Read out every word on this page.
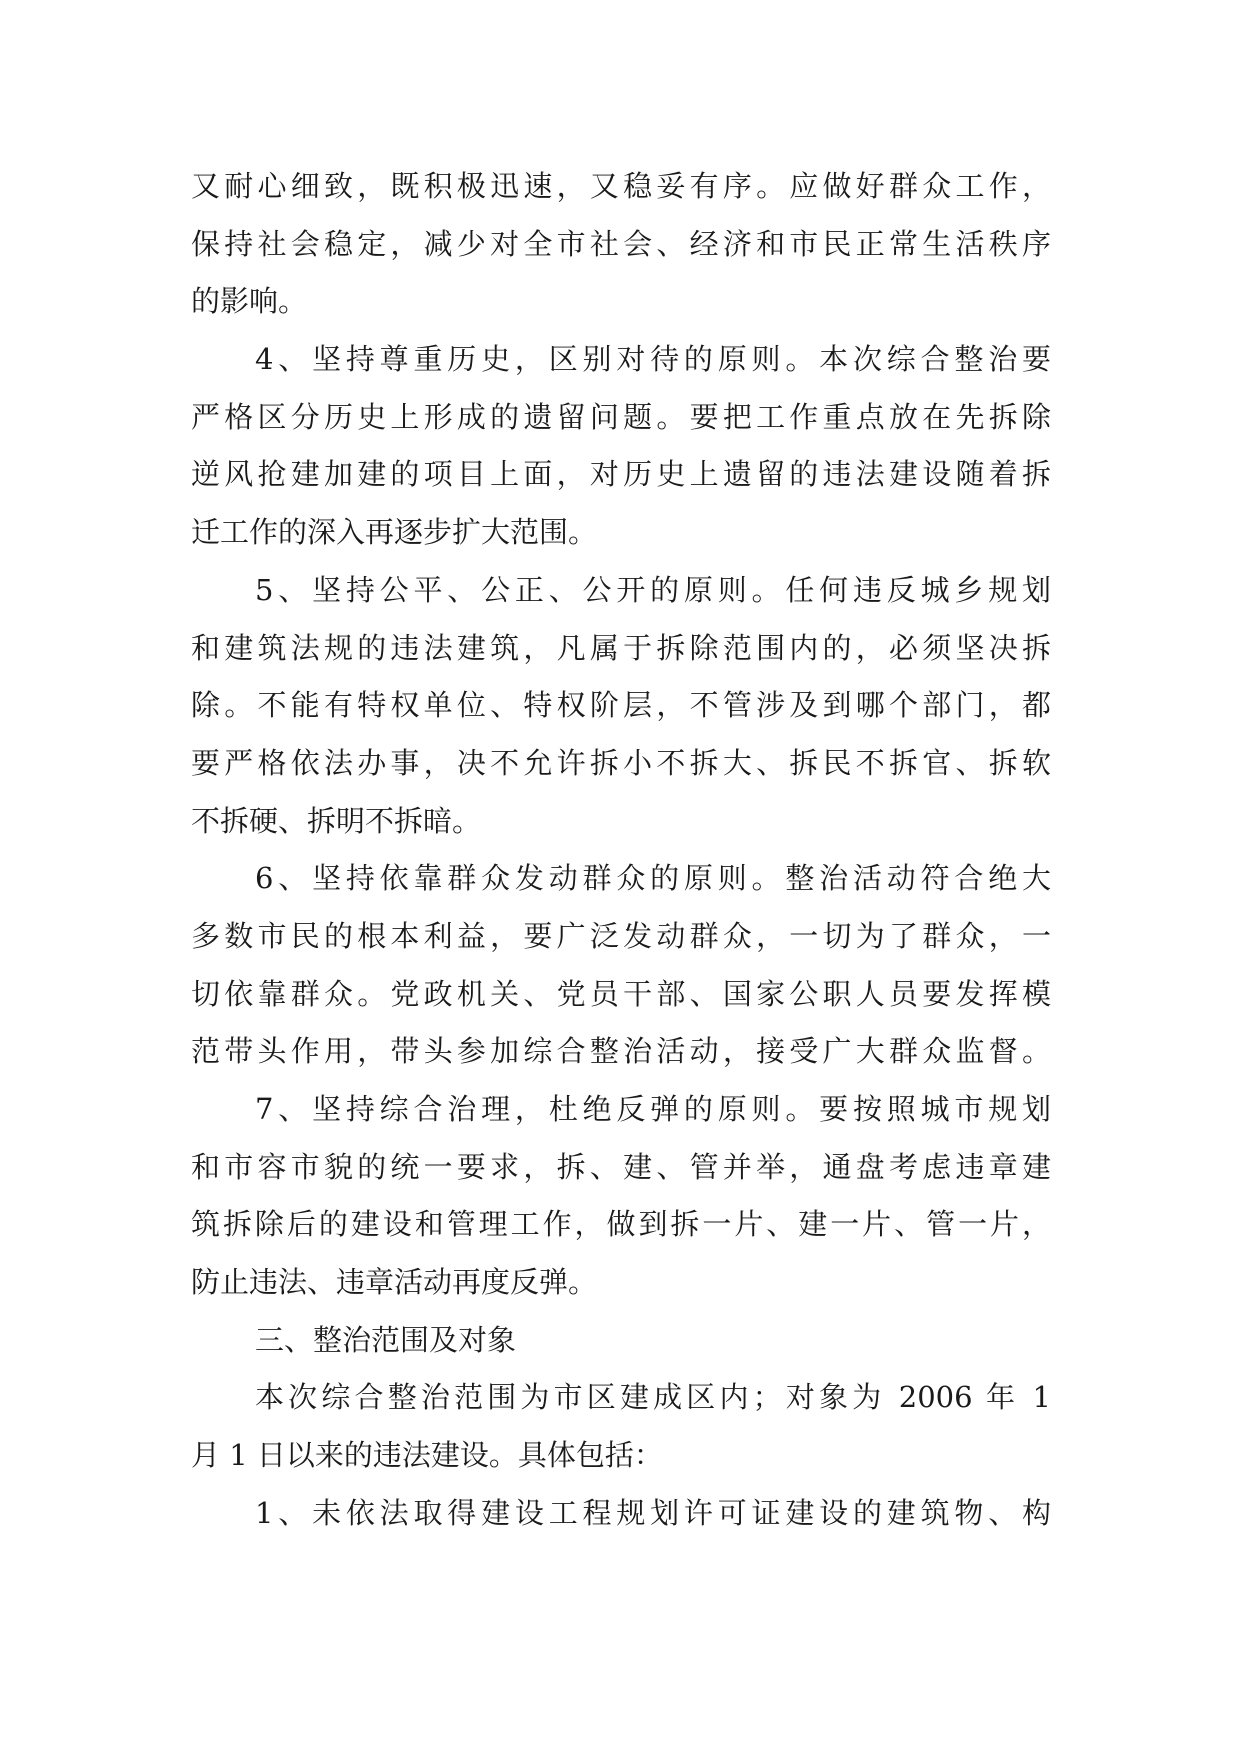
又耐心细致，既积极迅速，又稳妥有序。应做好群众工作，
保持社会稳定，减少对全市社会、经济和市民正常生活秩序
的影响。
4、坚持尊重历史，区别对待的原则。本次综合整治要
严格区分历史上形成的遗留问题。要把工作重点放在先拆除
逆风抢建加建的项目上面，对历史上遗留的违法建设随着拆
迁工作的深入再逐步扩大范围。
5、坚持公平、公正、公开的原则。任何违反城乡规划
和建筑法规的违法建筑，凡属于拆除范围内的，必须坚决拆
除。不能有特权单位、特权阶层，不管涉及到哪个部门，都
要严格依法办事，决不允许拆小不拆大、拆民不拆官、拆软
不拆硬、拆明不拆暗。
6、坚持依靠群众发动群众的原则。整治活动符合绝大
多数市民的根本利益，要广泛发动群众，一切为了群众，一
切依靠群众。党政机关、党员干部、国家公职人员要发挥模
范带头作用，带头参加综合整治活动，接受广大群众监督。
7、坚持综合治理，杜绝反弹的原则。要按照城市规划
和市容市貌的统一要求，拆、建、管并举，通盘考虑违章建
筑拆除后的建设和管理工作，做到拆一片、建一片、管一片，
防止违法、违章活动再度反弹。
三、整治范围及对象
本次综合整治范围为市区建成区内；对象为 2006 年 1
月 1 日以来的违法建设。具体包括：
1、未依法取得建设工程规划许可证建设的建筑物、构
